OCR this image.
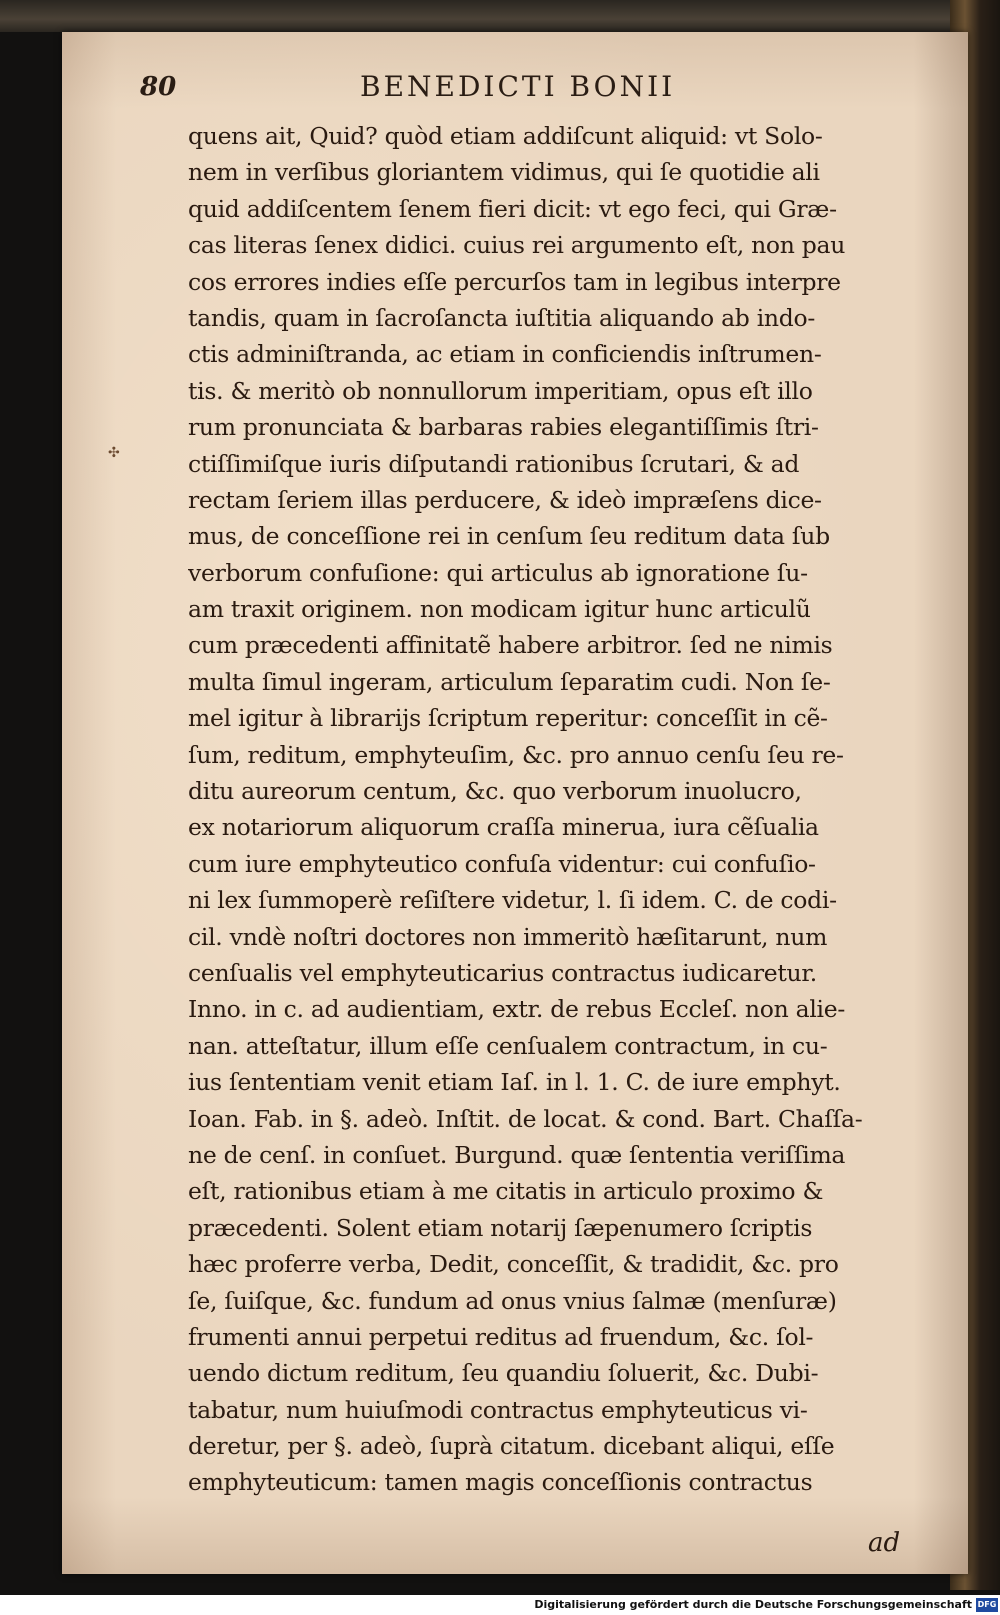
80	BENEDICTI BONII
✣
quens ait, Quid? quòd etiam addiſcunt aliquid: vt Solo-
nem in verſibus gloriantem vidimus, qui ſe quotidie ali
quid addiſcentem ſenem fieri dicit: vt ego feci, qui Græ-
cas literas ſenex didici. cuius rei argumento eſt, non pau
cos errores indies eſſe percurſos tam in legibus interpre
tandis, quam in ſacroſancta iuſtitia aliquando ab indo-
ctis adminiſtranda, ac etiam in conficiendis inſtrumen-
tis. & meritò ob nonnullorum imperitiam, opus eſt illo
rum pronunciata & barbaras rabies elegantiſſimis ſtri-
ctiſſimiſque iuris diſputandi rationibus ſcrutari, & ad
rectam ſeriem illas perducere, & ideò impræſens dice-
mus, de conceſſione rei in cenſum ſeu reditum data ſub
verborum confuſione: qui articulus ab ignoratione ſu-
am traxit originem. non modicam igitur hunc articulũ
cum præcedenti affinitatẽ habere arbitror. ſed ne nimis
multa ſimul ingeram, articulum ſeparatim cudi. Non ſe-
mel igitur à librarijs ſcriptum reperitur: conceſſit in cẽ-
ſum, reditum, emphyteuſim, &c. pro annuo cenſu ſeu re-
ditu aureorum centum, &c. quo verborum inuolucro,
ex notariorum aliquorum craſſa minerua, iura cẽſualia
cum iure emphyteutico confuſa videntur: cui confuſio-
ni lex ſummoperè reſiſtere videtur, l. ſi idem. C. de codi-
cil. vndè noſtri doctores non immeritò hæſitarunt, num
cenſualis vel emphyteuticarius contractus iudicaretur.
Inno. in c. ad audientiam, extr. de rebus Eccleſ. non alie-
nan. atteſtatur, illum eſſe cenſualem contractum, in cu-
ius ſententiam venit etiam Iaſ. in l. 1. C. de iure emphyt.
Ioan. Fab. in §. adeò. Inſtit. de locat. & cond. Bart. Chaſſa-
ne de cenſ. in conſuet. Burgund. quæ ſententia veriſſima
eſt, rationibus etiam à me citatis in articulo proximo &
præcedenti. Solent etiam notarij ſæpenumero ſcriptis
hæc proferre verba, Dedit, conceſſit, & tradidit, &c. pro
ſe, ſuiſque, &c. fundum ad onus vnius ſalmæ (menſuræ)
frumenti annui perpetui reditus ad fruendum, &c. ſol-
uendo dictum reditum, ſeu quandiu ſoluerit, &c. Dubi-
tabatur, num huiuſmodi contractus emphyteuticus vi-
deretur, per §. adeò, ſuprà citatum. dicebant aliqui, eſſe
emphyteuticum: tamen magis conceſſionis contractus
ad
Digitalisierung gefördert durch die Deutsche Forschungsgemeinschaft DFG
